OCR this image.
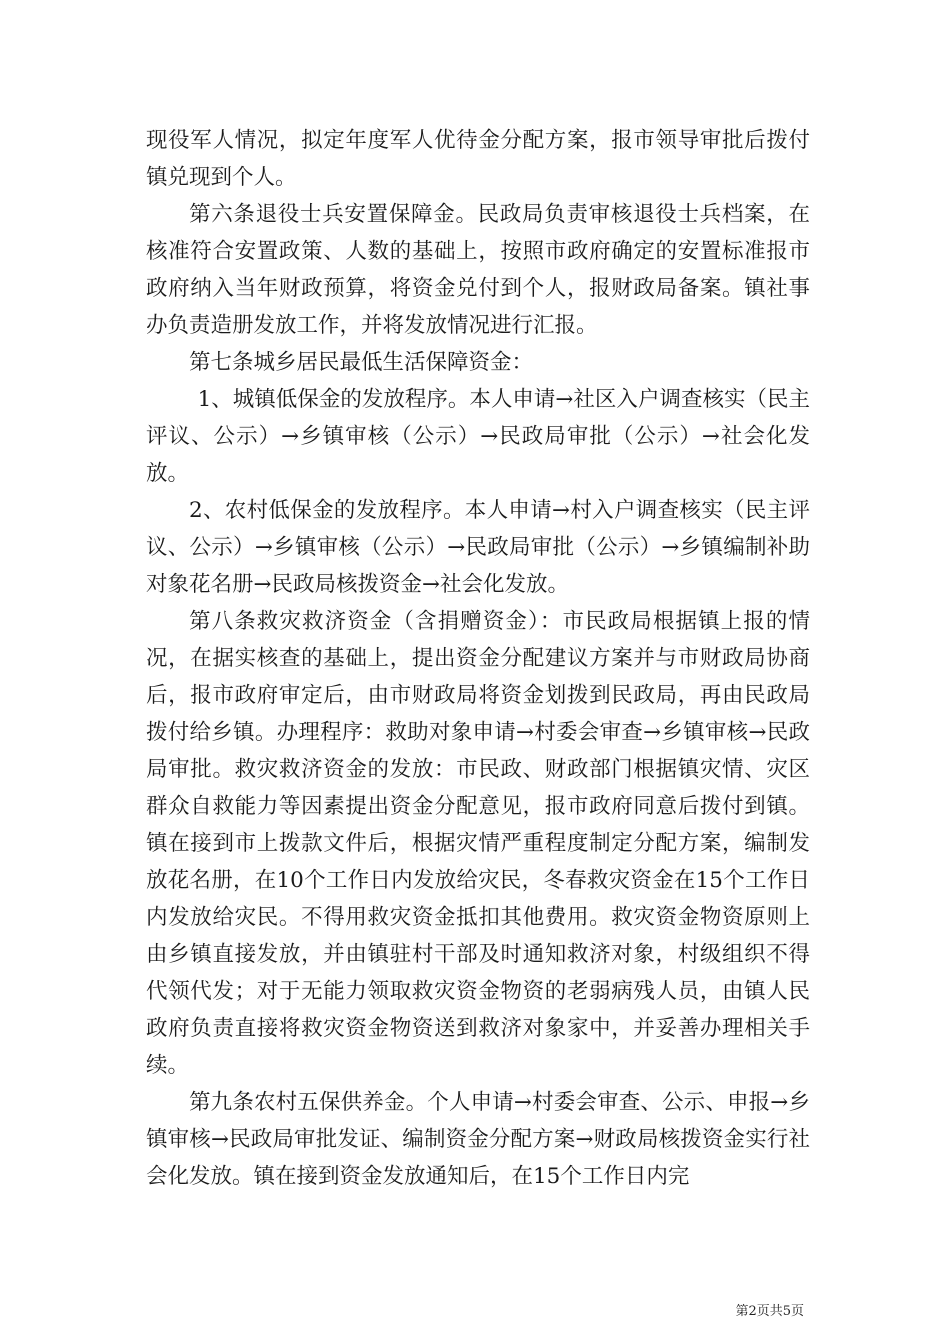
现役军人情况，拟定年度军人优待金分配方案，报市领导审批后拨付镇兑现到个人。

第六条退役士兵安置保障金。民政局负责审核退役士兵档案，在核准符合安置政策、人数的基础上，按照市政府确定的安置标准报市政府纳入当年财政预算，将资金兑付到个人，报财政局备案。镇社事办负责造册发放工作，并将发放情况进行汇报。

第七条城乡居民最低生活保障资金：

1、城镇低保金的发放程序。本人申请→社区入户调查核实（民主评议、公示）→乡镇审核（公示）→民政局审批（公示）→社会化发放。

2、农村低保金的发放程序。本人申请→村入户调查核实（民主评议、公示）→乡镇审核（公示）→民政局审批（公示）→乡镇编制补助对象花名册→民政局核拨资金→社会化发放。

第八条救灾救济资金（含捐赠资金）：市民政局根据镇上报的情况，在据实核查的基础上，提出资金分配建议方案并与市财政局协商后，报市政府审定后，由市财政局将资金划拨到民政局，再由民政局拨付给乡镇。办理程序：救助对象申请→村委会审查→乡镇审核→民政局审批。救灾救济资金的发放：市民政、财政部门根据镇灾情、灾区群众自救能力等因素提出资金分配意见，报市政府同意后拨付到镇。镇在接到市上拨款文件后，根据灾情严重程度制定分配方案，编制发放花名册，在10个工作日内发放给灾民，冬春救灾资金在15个工作日内发放给灾民。不得用救灾资金抵扣其他费用。救灾资金物资原则上由乡镇直接发放，并由镇驻村干部及时通知救济对象，村级组织不得代领代发；对于无能力领取救灾资金物资的老弱病残人员，由镇人民政府负责直接将救灾资金物资送到救济对象家中，并妥善办理相关手续。

第九条农村五保供养金。个人申请→村委会审查、公示、申报→乡镇审核→民政局审批发证、编制资金分配方案→财政局核拨资金实行社会化发放。镇在接到资金发放通知后，在15个工作日内完

第2页共5页
